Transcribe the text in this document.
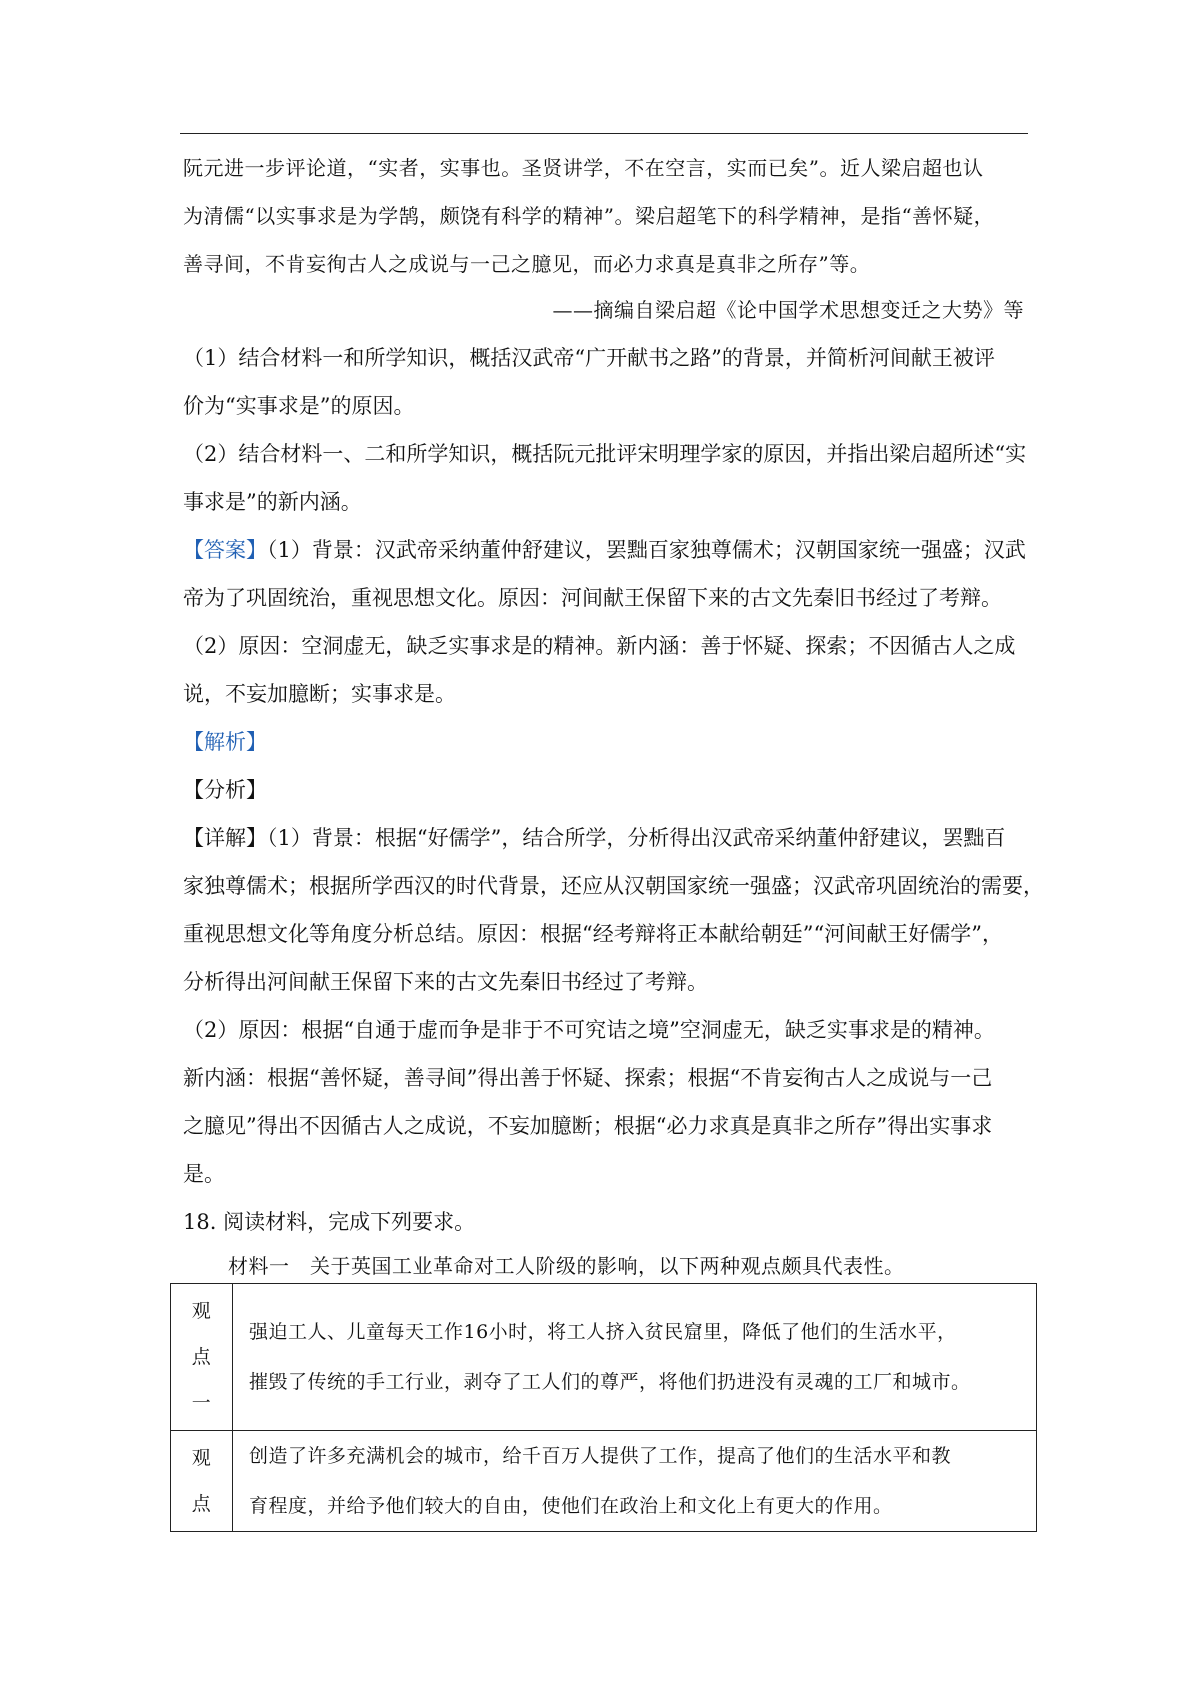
阮元进一步评论道，“实者，实事也。圣贤讲学，不在空言，实而已矣”。近人梁启超也认
为清儒“以实事求是为学鹄，颇饶有科学的精神”。梁启超笔下的科学精神，是指“善怀疑，
善寻间，不肯妄徇古人之成说与一己之臆见，而必力求真是真非之所存”等。
——摘编自梁启超《论中国学术思想变迁之大势》等
（1）结合材料一和所学知识，概括汉武帝“广开献书之路”的背景，并简析河间献王被评
价为“实事求是”的原因。
（2）结合材料一、二和所学知识，概括阮元批评宋明理学家的原因，并指出梁启超所述“实
事求是”的新内涵。
【答案】（1）背景：汉武帝采纳董仲舒建议，罢黜百家独尊儒术；汉朝国家统一强盛；汉武
帝为了巩固统治，重视思想文化。原因：河间献王保留下来的古文先秦旧书经过了考辩。
（2）原因：空洞虚无，缺乏实事求是的精神。新内涵：善于怀疑、探索；不因循古人之成
说，不妄加臆断；实事求是。
【解析】
【分析】
【详解】（1）背景：根据“好儒学”，结合所学，分析得出汉武帝采纳董仲舒建议，罢黜百
家独尊儒术；根据所学西汉的时代背景，还应从汉朝国家统一强盛；汉武帝巩固统治的需要，
重视思想文化等角度分析总结。原因：根据“经考辩将正本献给朝廷”“河间献王好儒学”，
分析得出河间献王保留下来的古文先秦旧书经过了考辩。
（2）原因：根据“自通于虚而争是非于不可究诘之境”空洞虚无，缺乏实事求是的精神。
新内涵：根据“善怀疑，善寻间”得出善于怀疑、探索；根据“不肯妄徇古人之成说与一己
之臆见”得出不因循古人之成说，不妄加臆断；根据“必力求真是真非之所存”得出实事求
是。
18. 阅读材料，完成下列要求。
材料一　关于英国工业革命对工人阶级的影响，以下两种观点颇具代表性。
观
点
一	强迫工人、儿童每天工作16小时，将工人挤入贫民窟里，降低了他们的生活水平，
摧毁了传统的手工行业，剥夺了工人们的尊严，将他们扔进没有灵魂的工厂和城市。

观
点	创造了许多充满机会的城市，给千百万人提供了工作，提高了他们的生活水平和教
育程度，并给予他们较大的自由，使他们在政治上和文化上有更大的作用。
